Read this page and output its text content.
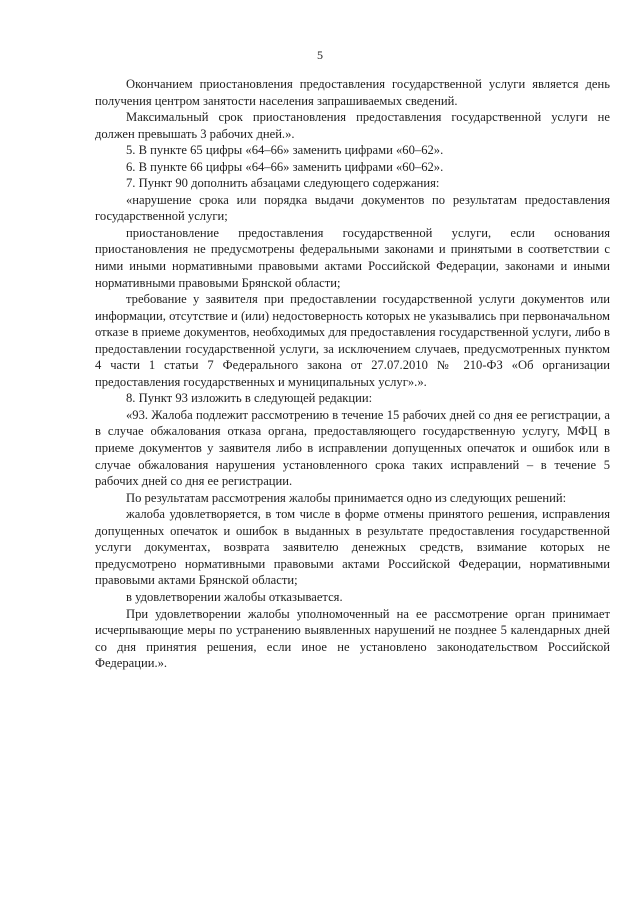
5

Окончанием приостановления предоставления государственной услуги является день получения центром занятости населения запрашиваемых сведений.

Максимальный срок приостановления предоставления государственной услуги не должен превышать 3 рабочих дней.».

5. В пункте 65 цифры «64–66» заменить цифрами «60–62».

6. В пункте 66 цифры «64–66» заменить цифрами «60–62».

7. Пункт 90 дополнить абзацами следующего содержания:

«нарушение срока или порядка выдачи документов по результатам предоставления государственной услуги;

приостановление предоставления государственной услуги, если основания приостановления не предусмотрены федеральными законами и принятыми в соответствии с ними иными нормативными правовыми актами Российской Федерации, законами и иными нормативными правовыми Брянской области;

требование у заявителя при предоставлении государственной услуги документов или информации, отсутствие и (или) недостоверность которых не указывались при первоначальном отказе в приеме документов, необходимых для предоставления государственной услуги, либо в предоставлении государственной услуги, за исключением случаев, предусмотренных пунктом 4 части 1 статьи 7 Федерального закона от 27.07.2010 № 210-ФЗ «Об организации предоставления государственных и муниципальных услуг».».

8. Пункт 93 изложить в следующей редакции:

«93. Жалоба подлежит рассмотрению в течение 15 рабочих дней со дня ее регистрации, а в случае обжалования отказа органа, предоставляющего государственную услугу, МФЦ в приеме документов у заявителя либо в исправлении допущенных опечаток и ошибок или в случае обжалования нарушения установленного срока таких исправлений – в течение 5 рабочих дней со дня ее регистрации.

По результатам рассмотрения жалобы принимается одно из следующих решений:

жалоба удовлетворяется, в том числе в форме отмены принятого решения, исправления допущенных опечаток и ошибок в выданных в результате предоставления государственной услуги документах, возврата заявителю денежных средств, взимание которых не предусмотрено нормативными правовыми актами Российской Федерации, нормативными правовыми актами Брянской области;

в удовлетворении жалобы отказывается.

При удовлетворении жалобы уполномоченный на ее рассмотрение орган принимает исчерпывающие меры по устранению выявленных нарушений не позднее 5 календарных дней со дня принятия решения, если иное не установлено законодательством Российской Федерации.».
